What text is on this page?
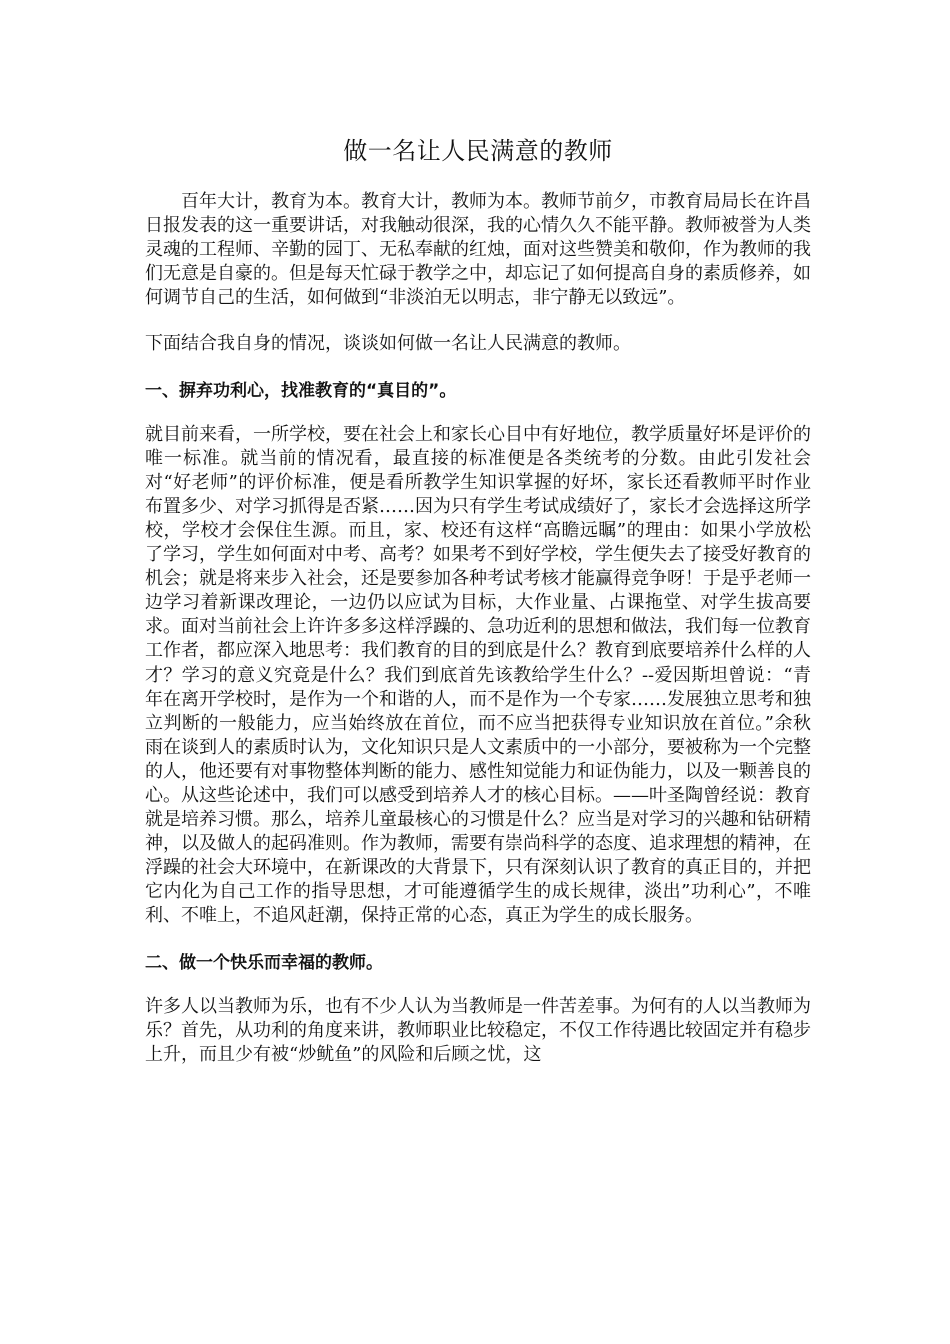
做一名让人民满意的教师

百年大计，教育为本。教育大计，教师为本。教师节前夕，市教育局局长在许昌日报发表的这一重要讲话，对我触动很深，我的心情久久不能平静。教师被誉为人类灵魂的工程师、辛勤的园丁、无私奉献的红烛，面对这些赞美和敬仰，作为教师的我们无意是自豪的。但是每天忙碌于教学之中，却忘记了如何提高自身的素质修养，如何调节自己的生活，如何做到“非淡泊无以明志，非宁静无以致远”。

下面结合我自身的情况，谈谈如何做一名让人民满意的教师。

一、摒弃功利心，找准教育的“真目的”。

就目前来看，一所学校，要在社会上和家长心目中有好地位，教学质量好坏是评价的唯一标准。就当前的情况看，最直接的标准便是各类统考的分数。由此引发社会对“好老师”的评价标准，便是看所教学生知识掌握的好坏，家长还看教师平时作业布置多少、对学习抓得是否紧……因为只有学生考试成绩好了，家长才会选择这所学校，学校才会保住生源。而且，家、校还有这样“高瞻远瞩”的理由：如果小学放松了学习，学生如何面对中考、高考？如果考不到好学校，学生便失去了接受好教育的机会；就是将来步入社会，还是要参加各种考试考核才能赢得竞争呀！于是乎老师一边学习着新课改理论，一边仍以应试为目标，大作业量、占课拖堂、对学生拔高要求。面对当前社会上许许多多这样浮躁的、急功近利的思想和做法，我们每一位教育工作者，都应深入地思考：我们教育的目的到底是什么？教育到底要培养什么样的人才？学习的意义究竟是什么？我们到底首先该教给学生什么？--爱因斯坦曾说：“青年在离开学校时，是作为一个和谐的人，而不是作为一个专家……发展独立思考和独立判断的一般能力，应当始终放在首位，而不应当把获得专业知识放在首位。”余秋雨在谈到人的素质时认为，文化知识只是人文素质中的一小部分，要被称为一个完整的人，他还要有对事物整体判断的能力、感性知觉能力和证伪能力，以及一颗善良的心。从这些论述中，我们可以感受到培养人才的核心目标。——叶圣陶曾经说：教育就是培养习惯。那么，培养儿童最核心的习惯是什么？应当是对学习的兴趣和钻研精神，以及做人的起码准则。作为教师，需要有崇尚科学的态度、追求理想的精神，在浮躁的社会大环境中，在新课改的大背景下，只有深刻认识了教育的真正目的，并把它内化为自己工作的指导思想，才可能遵循学生的成长规律，淡出”功利心”，不唯利、不唯上，不追风赶潮，保持正常的心态，真正为学生的成长服务。

二、做一个快乐而幸福的教师。

许多人以当教师为乐，也有不少人认为当教师是一件苦差事。为何有的人以当教师为乐？首先，从功利的角度来讲，教师职业比较稳定，不仅工作待遇比较固定并有稳步上升，而且少有被“炒鱿鱼”的风险和后顾之忧，这
